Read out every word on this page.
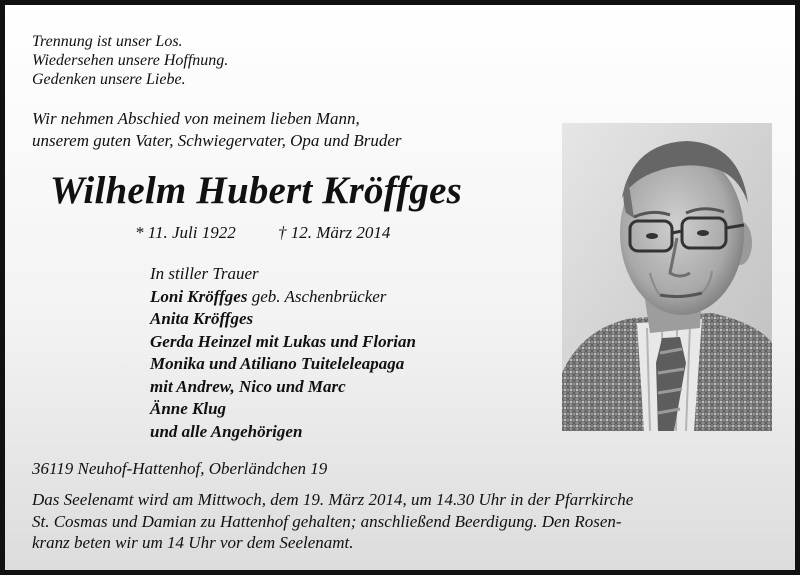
Trennung ist unser Los.
Wiedersehen unsere Hoffnung.
Gedenken unsere Liebe.
Wir nehmen Abschied von meinem lieben Mann,
unserem guten Vater, Schwiegervater, Opa und Bruder
Wilhelm Hubert Kröffges
* 11. Juli 1922 † 12. März 2014
In stiller Trauer
Loni Kröffges geb. Aschenbrücker
Anita Kröffges
Gerda Heinzel mit Lukas und Florian
Monika und Atiliano Tuiteleleapaga
mit Andrew, Nico und Marc
Änne Klug
und alle Angehörigen
36119 Neuhof-Hattenhof, Oberländchen 19
Das Seelenamt wird am Mittwoch, dem 19. März 2014, um 14.30 Uhr in der Pfarrkirche
St. Cosmas und Damian zu Hattenhof gehalten; anschließend Beerdigung. Den Rosen-
kranz beten wir um 14 Uhr vor dem Seelenamt.
